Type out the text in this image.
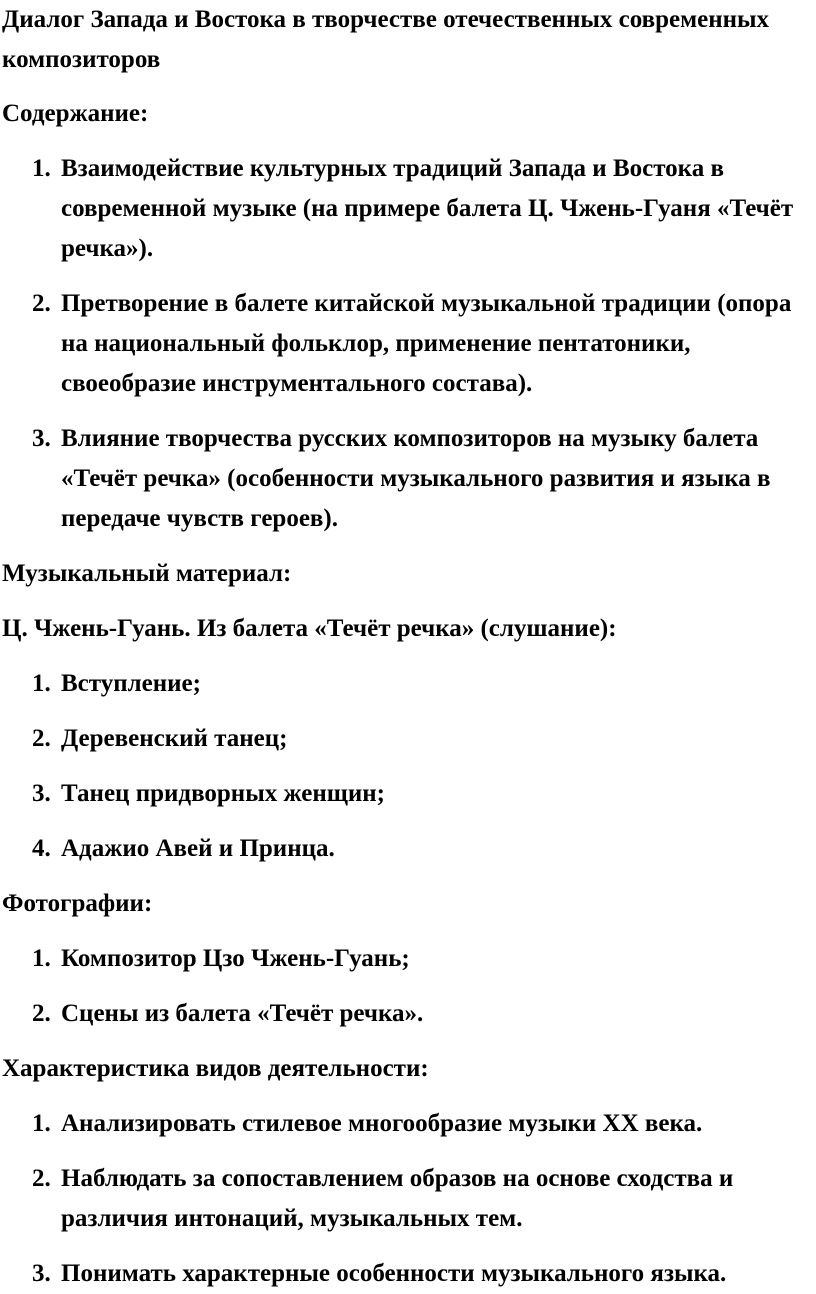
Диалог Запада и Востока в творчестве отечественных современных композиторов
Содержание:
1. Взаимодействие культурных традиций Запада и Востока в современной музыке (на примере балета Ц. Чжень-Гуаня «Течёт речка»).
2. Претворение в балете китайской музыкальной традиции (опора на национальный фольклор, применение пентатоники, своеобразие инструментального состава).
3. Влияние творчества русских композиторов на музыку балета «Течёт речка» (особенности музыкального развития и языка в передаче чувств героев).
Музыкальный материал:
Ц. Чжень-Гуань. Из балета «Течёт речка» (слушание):
1. Вступление;
2. Деревенский танец;
3. Танец придворных женщин;
4. Адажио Авей и Принца.
Фотографии:
1. Композитор Цзо Чжень-Гуань;
2. Сцены из балета «Течёт речка».
Характеристика видов деятельности:
1. Анализировать стилевое многообразие музыки XX века.
2. Наблюдать за сопоставлением образов на основе сходства и различия интонаций, музыкальных тем.
3. Понимать характерные особенности музыкального языка.
